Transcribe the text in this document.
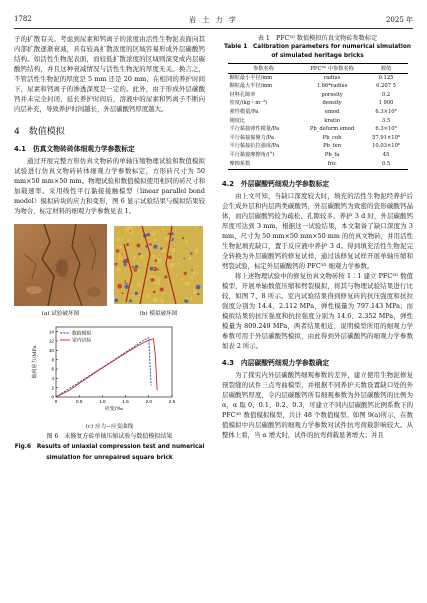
1782	岩 土 力 学	2025 年

子的扩散有关。考虑到尿素和钙离子的浓度由活性生物泥表面向其内部扩散逐渐衰减，具有较高扩散浓度的区域容易形成外层碳酸钙结构。如活性生物泥表面，而较低扩散浓度的区域则演变成内层碳酸钙结构，并且这种衰减情况与活性生物泥的厚度无关。换言之，不管活性生物泥的厚度是 5 mm 还是 20 mm，在相同的养护时间下，尿素和钙离子的渗透深度是一定的。此外，由于形成外层碳酸钙并未完全封闭，延长养护时间后，溶液中的尿素和钙离子不断向内层补充，导致养护时间越长，外层碳酸钙厚度越大。

4　数值模拟
4.1　仿真文物砖砖体细观力学参数标定

通过开展完整方形仿真文物砖的单轴压缩物理试验和数值模拟试验进行仿真文物砖砖体细观力学参数标定，方形砖尺寸为 50 mm×50 mm×50 mm。物理试验和数值模拟使用相同的砖尺寸和加载速率。采用线性平行黏接接触模型（linear parallel bond model）模拟砖块的应力和变形，图 6 显示试验结果与模拟结果较为吻合，标定材料的细观力学参数见表 1。

(a) 试验破坏图	(b) 模拟破坏图
0	0.5	1.0	1.5	2.0	2.5
0
2
4
6
8
10
12
14
应变/‰
轴向应力/MPa
数值模拟
室内试验
(c) 应力−应变曲线
图 6　未修复方砖单轴压缩试验与数值模拟结果
Fig.6　Results of uniaxial compression test and numerical
simulation for unrepaired square brick
表 1　PFC³ᴰ 数值模拟仿真文物砖参数标定
Table 1　Calibration parameters for numerical simulation
of simulated heritage bricks
参数名称	PFC³ᴰ 中参数名称	数值
颗粒最小半径/mm	radius	0.125
颗粒最大半径/mm	1.66*radius	0.207 5
材料孔隙率	porosity	0.2
密度/(kg・m⁻³)	density	1 900
弹性模量/Pa	emod	6.3×10⁸
刚度比	kratio	3.5
平行黏接弹性模量/Pa	Pb_deform emod	6.3×10⁸
平行黏接黏聚力/Pa	Pb_coh	57.91×10⁶
平行黏接抗拉强度/Pa	Pb_ten	10.03×10⁶
平行黏接摩擦角/(°)	Pb_fa	45
摩擦系数	fric	0.5
4.2　外层碳酸钙细观力学参数标定

由上文可知，当缺口深度较大时，填充的活性生物泥经养护后会生成外层和内层两类碳酸钙，外层碳酸钙为致密的瓷形碳酸钙晶体，而内层碳酸钙较为疏松、孔隙较多。养护 3 d 时，外层碳酸钙厚度可达到 3 mm，根据这一试验结果，本文制备了缺口深度为 3 mm、尺寸为 50 mm×50 mm×50 mm 的仿真文物砖，并用活性生物泥填充缺口，置于反应液中养护 3 d。得到填充活性生物泥完全转换为外层碳酸钙的修复试样，通过该修复试样开展单轴压缩和劈裂试验，标定外层碳酸钙的 PFC³ᴰ 细观力学参数。

将上述物理试验中的修复仿真文物砖按 1∶1 建立 PFC³ᴰ 数值模型，开展单轴数值压缩和劈裂模拟，将其与物理试验结果进行比较，如图 7、8 所示。室内试验结果得到修复砖的抗压强度和抗拉强度分别为 14.4、2.112 MPa，弹性模量为 797.143 MPa；而模拟结果的抗压强度和抗拉强度分别为 14.6、2.352 MPa，弹性模量为 809.249 MPa，两者结果相近，说明模型所用的细观力学参数可用于外层碳酸钙模拟，由此得到外层碳酸钙的细观力学参数如表 2 所示。

4.3　内层碳酸钙细观力学参数确定

为了探究内外层碳酸钙细观参数的差异，建立使用生物泥修复预裂缝的试件三点弯曲模型，并根据不同养护天数设置缺口处的外层碳酸钙厚度，令内层碳酸钙所有细观参数为外层碳酸钙的比例为 α，α 取 0、0.1、0.2、0.3，可建立不同内层碳酸钙比例系数下的 PFC³ᴰ 数值模拟模型，共计 48 个数值模型。如图 9(a)所示，在数值模拟中内层碳酸钙的细观力学参数对试件抗弯荷载影响较大。从整体上看，当 α 增大时，试件的抗弯荷载显著增大；并且
